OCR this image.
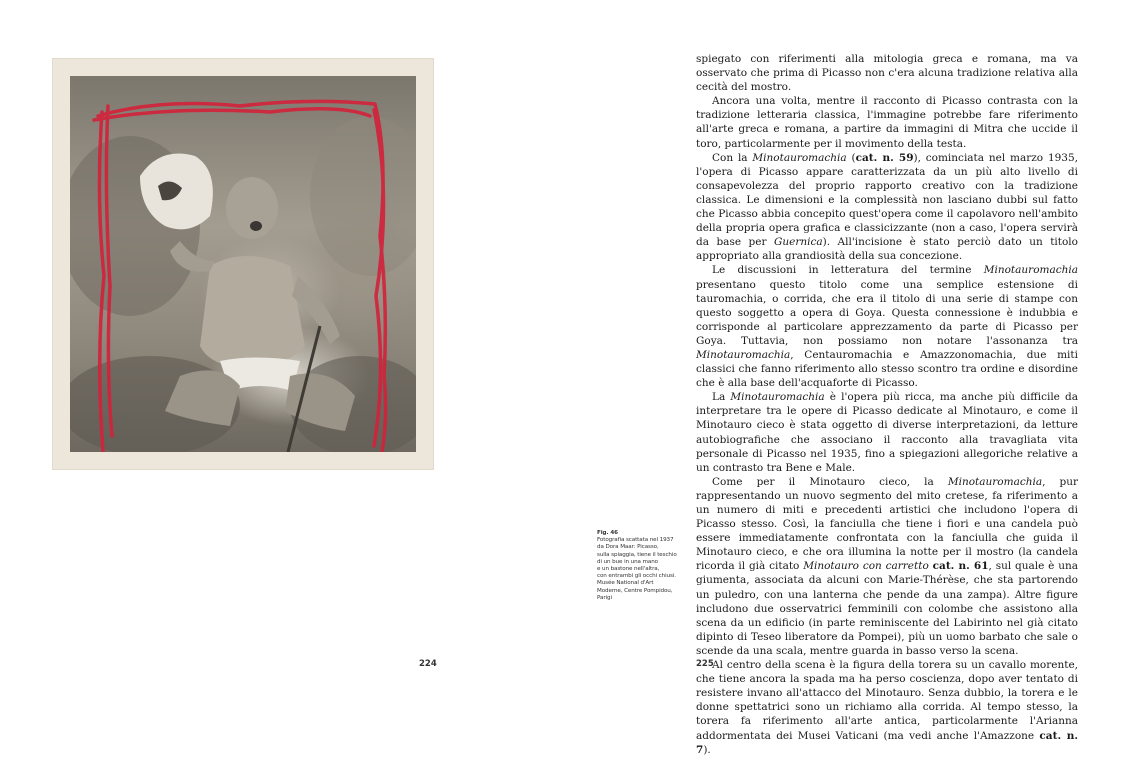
Fig. 46
Fotografia scattata nel 1937
da Dora Maar: Picasso,
sulla spiaggia, tiene il teschio
di un bue in una mano
e un bastone nell'altra,
con entrambi gli occhi chiusi.
Musée National d'Art
Moderne, Centre Pompidou,
Parigi

spiegato con riferimenti alla mitologia greca e romana, ma va osservato che prima di Picasso non c'era alcuna tradizione relativa alla cecità del mostro.

Ancora una volta, mentre il racconto di Picasso contrasta con la tradizione letteraria classica, l'immagine potrebbe fare riferimento all'arte greca e romana, a partire da immagini di Mitra che uccide il toro, particolarmente per il movimento della testa.

Con la Minotauromachia (cat. n. 59), cominciata nel marzo 1935, l'opera di Picasso appare caratterizzata da un più alto livello di consapevolezza del proprio rapporto creativo con la tradizione classica. Le dimensioni e la complessità non lasciano dubbi sul fatto che Picasso abbia concepito quest'opera come il capolavoro nell'ambito della propria opera grafica e classicizzante (non a caso, l'opera servirà da base per Guernica). All'incisione è stato perciò dato un titolo appropriato alla grandiosità della sua concezione.

Le discussioni in letteratura del termine Minotauromachia presentano questo titolo come una semplice estensione di tauromachia, o corrida, che era il titolo di una serie di stampe con questo soggetto a opera di Goya. Questa connessione è indubbia e corrisponde al particolare apprezzamento da parte di Picasso per Goya. Tuttavia, non possiamo non notare l'assonanza tra Minotauromachia, Centauromachia e Amazzonomachia, due miti classici che fanno riferimento allo stesso scontro tra ordine e disordine che è alla base dell'acquaforte di Picasso.

La Minotauromachia è l'opera più ricca, ma anche più difficile da interpretare tra le opere di Picasso dedicate al Minotauro, e come il Minotauro cieco è stata oggetto di diverse interpretazioni, da letture autobiografiche che associano il racconto alla travagliata vita personale di Picasso nel 1935, fino a spiegazioni allegoriche relative a un contrasto tra Bene e Male.

Come per il Minotauro cieco, la Minotauromachia, pur rappresentando un nuovo segmento del mito cretese, fa riferimento a un numero di miti e precedenti artistici che includono l'opera di Picasso stesso. Così, la fanciulla che tiene i fiori e una candela può essere immediatamente confrontata con la fanciulla che guida il Minotauro cieco, e che ora illumina la notte per il mostro (la candela ricorda il già citato Minotauro con carretto cat. n. 61, sul quale è una giumenta, associata da alcuni con Marie-Thérèse, che sta partorendo un puledro, con una lanterna che pende da una zampa). Altre figure includono due osservatrici femminili con colombe che assistono alla scena da un edificio (in parte reminiscente del Labirinto nel già citato dipinto di Teseo liberatore da Pompei), più un uomo barbato che sale o scende da una scala, mentre guarda in basso verso la scena.

Al centro della scena è la figura della torera su un cavallo morente, che tiene ancora la spada ma ha perso coscienza, dopo aver tentato di resistere invano all'attacco del Minotauro. Senza dubbio, la torera e le donne spettatrici sono un richiamo alla corrida. Al tempo stesso, la torera fa riferimento all'arte antica, particolarmente l'Arianna addormentata dei Musei Vaticani (ma vedi anche l'Amazzone cat. n. 7).

224	225
